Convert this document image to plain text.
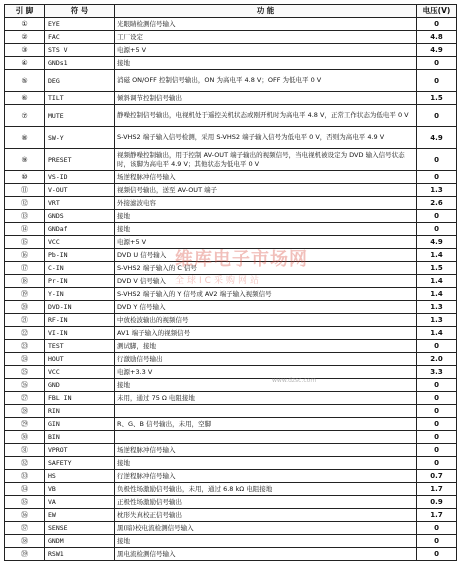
引 脚	符 号	功 能	电压(V)
①	EYE	光眼睛检测信号输入	0
②	FAC	工厂设定	4.8
③	STS V	电源+5 V	4.9
④	GNDs1	接地	0
⑤	DEG	消磁 ON/OFF 控制信号输出，ON 为高电平 4.8 V；OFF 为低电平 0 V	0
⑥	TILT	倾斜调节控制信号输出	1.5
⑦	MUTE	静噪控制信号输出，电视机处于遥控关机状态或刚开机时为高电平 4.8 V，正常工作状态为低电平 0 V	0
⑧	SW-Y	S-VHS2 端子输入信号检测，采用 S-VHS2 端子输入信号为低电平 0 V，否则为高电平 4.9 V	4.9
⑨	PRESET	视频静噪控制输出，用于控制 AV-OUT 端子输出的视频信号，当电视机被设定为 DVD 输入信号状态时，该脚为高电平 4.9 V；其他状态为低电平 0 V	0
⑩	VS-ID	场逆程脉冲信号输入	0
⑪	V-OUT	视频信号输出，送至 AV-OUT 端子	1.3
⑫	VRT	外接滤波电容	2.6
⑬	GNDS	接地	0
⑭	GNDaf	接地	0
⑮	VCC	电源+5 V	4.9
⑯	Pb-IN	DVD U 信号输入	1.4
⑰	C-IN	S-VHS2 端子输入的 C 信号	1.5
⑱	Pr-IN	DVD V 信号输入	1.4
⑲	Y-IN	S-VHS2 端子输入的 Y 信号或 AV2 端子输入视频信号	1.4
⑳	DVD-IN	DVD Y 信号输入	1.3
㉑	RF-IN	中放检波输出的视频信号	1.3
㉒	VI-IN	AV1 端子输入的视频信号	1.4
㉓	TEST	测试脚，接地	0
㉔	HOUT	行激励信号输出	2.0
㉕	VCC	电源+3.3 V	3.3
㉖	GND	接地	0
㉗	FBL IN	未用，通过 75 Ω 电阻接地	0
㉘	RIN		0
㉙	GIN	R、G、B 信号输出，未用，空脚	0
㉚	BIN		0
㉛	VPROT	场逆程脉冲信号输入	0
㉜	SAFETY	接地	0
㉝	HS	行逆程脉冲信号输入	0.7
㉞	VB	负极性场激励信号输出，未用，通过 6.8 kΩ 电阻接地	1.7
㉟	VA	正极性场激励信号输出	0.9
㊱	EW	枕形失真校正信号输出	1.7
㊲	SENSE	黑(暗)校电流检测信号输入	0
㊳	GNDM	接地	0
㊴	RSW1	黑电流检测信号输入	0
维库电子市场网
全球IC采购网站
www.dzsc.com
